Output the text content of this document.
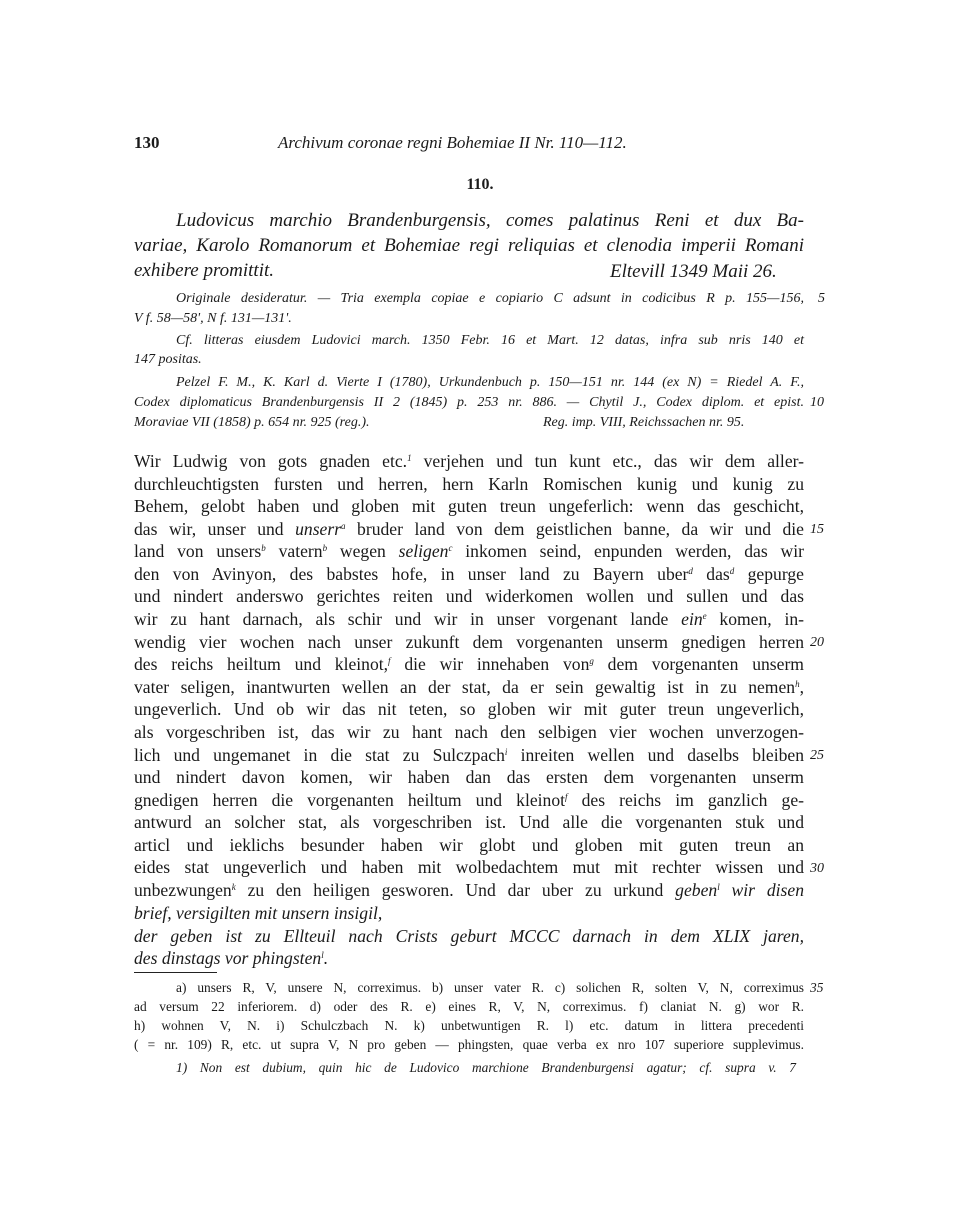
130	Archivum coronae regni Bohemiae II Nr. 110—112.
110.
Ludovicus marchio Brandenburgensis, comes palatinus Reni et dux Ba-
variae, Karolo Romanorum et Bohemiae regi reliquias et clenodia imperii Romani
exhibere promittit.	Eltevill 1349 Maii 26.
Originale desideratur. — Tria exempla copiae e copiario C adsunt in codicibus R p. 155—156, 5
V f. 58—58', N f. 131—131'.
Cf. litteras eiusdem Ludovici march. 1350 Febr. 16 et Mart. 12 datas, infra sub nris 140 et
147 positas.
Pelzel F. M., K. Karl d. Vierte I (1780), Urkundenbuch p. 150—151 nr. 144 (ex N) = Riedel A. F.,
Codex diplomaticus Brandenburgensis II 2 (1845) p. 253 nr. 886. — Chytil J., Codex diplom. et epist. 10
Moraviae VII (1858) p. 654 nr. 925 (reg.).	Reg. imp. VIII, Reichssachen nr. 95.
Wir Ludwig von gots gnaden etc.$^1$ verjehen und tun kunt etc., das wir dem aller-
durchleuchtigsten fursten und herren, hern Karln Romischen kunig und kunig zu
Behem, gelobt haben und globen mit guten treun ungeferlich: wenn das geschicht,
das wir, unser und unserr$^a$ bruder land von dem geistlichen banne, da wir und die 15
land von unsers$^b$ vatern$^b$ wegen seligen$^c$ inkomen seind, enpunden werden, das wir
den von Avinyon, des babstes hofe, in unser land zu Bayern uber$^d$ das$^d$ gepurge
und nindert anderswo gerichtes reiten und widerkomen wollen und sullen und das
wir zu hant darnach, als schir und wir in unser vorgenant lande ein$^e$ komen, in-
wendig vier wochen nach unser zukunft dem vorgenanten unserm gnedigen herren 20
des reichs heiltum und kleinot,$^f$ die wir innehaben von$^g$ dem vorgenanten unserm
vater seligen, inantwurten wellen an der stat, da er sein gewaltig ist in zu nemen$^h$,
ungeverlich. Und ob wir das nit teten, so globen wir mit guter treun ungeverlich,
als vorgeschriben ist, das wir zu hant nach den selbigen vier wochen unverzogen-
lich und ungemanet in die stat zu Sulczpach$^i$ inreiten wellen und daselbs bleiben 25
und nindert davon komen, wir haben dan das ersten dem vorgenanten unserm
gnedigen herren die vorgenanten heiltum und kleinot$^f$ des reichs im ganzlich ge-
antwurd an solcher stat, als vorgeschriben ist. Und alle die vorgenanten stuk und
articl und ieklichs besunder haben wir globt und globen mit guten treun an
eides stat ungeverlich und haben mit wolbedachtem mut mit rechter wissen und 30
unbezwungen$^k$ zu den heiligen gesworen. Und dar uber zu urkund geben$^l$ wir disen
brief, versigilten mit unsern insigil,
der geben ist zu Ellteuil nach Crists geburt MCCC darnach in dem XLIX jaren,
des dinstags vor phingsten$^l$.
a) unsers R, V, unsere N, correximus. b) unser vater R. c) solichen R, solten V, N, correximus 35
ad versum 22 inferiorem. d) oder des R. e) eines R, V, N, correximus. f) claniat N. g) wor R.
h) wohnen V, N. i) Schulczbach N. k) unbetwuntigen R. l) etc. datum in littera precedenti
( = nr. 109) R, etc. ut supra V, N pro geben — phingsten, quae verba ex nro 107 superiore supplevimus.
1) Non est dubium, quin hic de Ludovico marchione Brandenburgensi agatur; cf. supra v. 7
